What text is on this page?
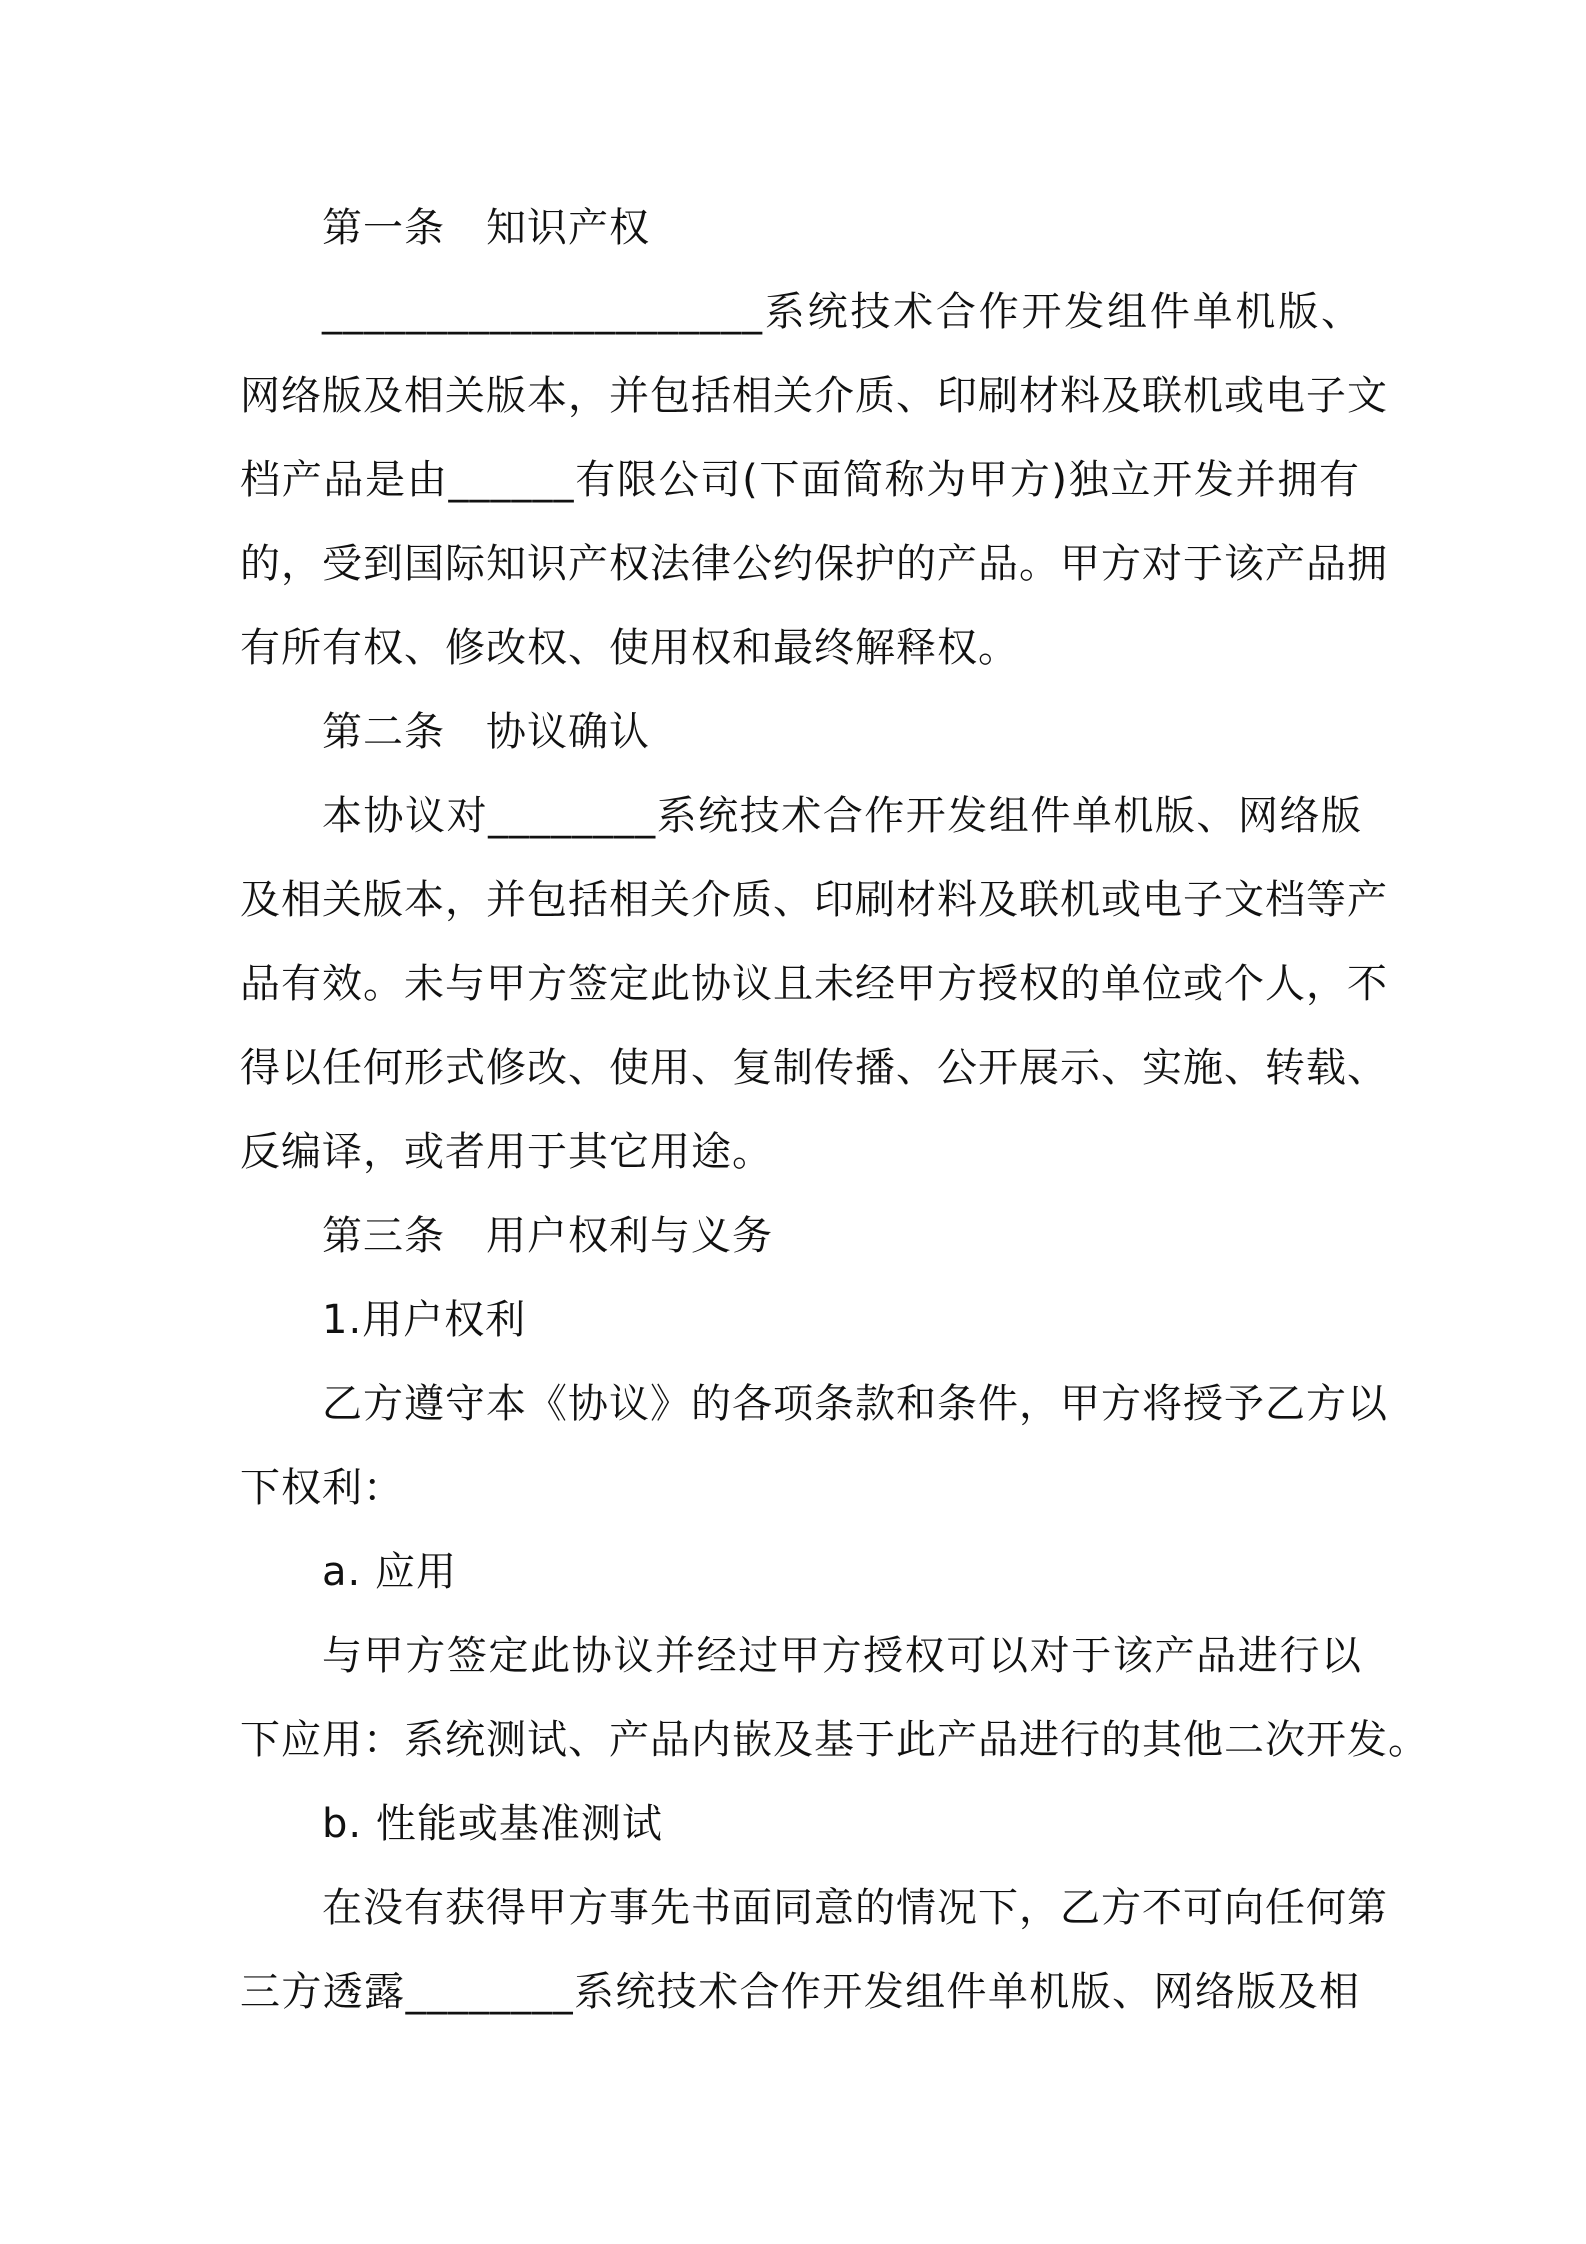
第一条　知识产权
_____________________系统技术合作开发组件单机版、
网络版及相关版本，并包括相关介质、印刷材料及联机或电子文
档产品是由______有限公司(下面简称为甲方)独立开发并拥有
的，受到国际知识产权法律公约保护的产品。甲方对于该产品拥
有所有权、修改权、使用权和最终解释权。
第二条　协议确认
本协议对________系统技术合作开发组件单机版、网络版
及相关版本，并包括相关介质、印刷材料及联机或电子文档等产
品有效。未与甲方签定此协议且未经甲方授权的单位或个人，不
得以任何形式修改、使用、复制传播、公开展示、实施、转载、
反编译，或者用于其它用途。
第三条　用户权利与义务
1.用户权利
乙方遵守本《协议》的各项条款和条件，甲方将授予乙方以
下权利：
a. 应用
与甲方签定此协议并经过甲方授权可以对于该产品进行以
下应用：系统测试、产品内嵌及基于此产品进行的其他二次开发。
b. 性能或基准测试
在没有获得甲方事先书面同意的情况下，乙方不可向任何第
三方透露________系统技术合作开发组件单机版、网络版及相
